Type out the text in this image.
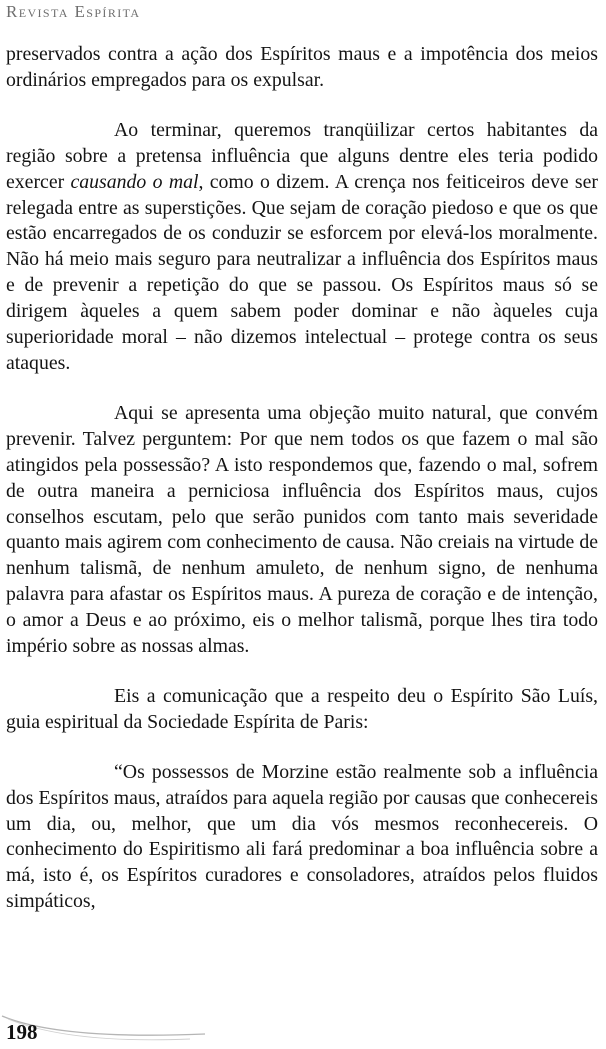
Revista Espírita

preservados contra a ação dos Espíritos maus e a impotência dos meios ordinários empregados para os expulsar.

Ao terminar, queremos tranqüilizar certos habitantes da região sobre a pretensa influência que alguns dentre eles teria podido exercer causando o mal, como o dizem. A crença nos feiticeiros deve ser relegada entre as superstições. Que sejam de coração piedoso e que os que estão encarregados de os conduzir se esforcem por elevá-los moralmente. Não há meio mais seguro para neutralizar a influência dos Espíritos maus e de prevenir a repetição do que se passou. Os Espíritos maus só se dirigem àqueles a quem sabem poder dominar e não àqueles cuja superioridade moral – não dizemos intelectual – protege contra os seus ataques.

Aqui se apresenta uma objeção muito natural, que convém prevenir. Talvez perguntem: Por que nem todos os que fazem o mal são atingidos pela possessão? A isto respondemos que, fazendo o mal, sofrem de outra maneira a perniciosa influência dos Espíritos maus, cujos conselhos escutam, pelo que serão punidos com tanto mais severidade quanto mais agirem com conhecimento de causa. Não creiais na virtude de nenhum talismã, de nenhum amuleto, de nenhum signo, de nenhuma palavra para afastar os Espíritos maus. A pureza de coração e de intenção, o amor a Deus e ao próximo, eis o melhor talismã, porque lhes tira todo império sobre as nossas almas.

Eis a comunicação que a respeito deu o Espírito São Luís, guia espiritual da Sociedade Espírita de Paris:

“Os possessos de Morzine estão realmente sob a influência dos Espíritos maus, atraídos para aquela região por causas que conhecereis um dia, ou, melhor, que um dia vós mesmos reconhecereis. O conhecimento do Espiritismo ali fará predominar a boa influência sobre a má, isto é, os Espíritos curadores e consoladores, atraídos pelos fluidos simpáticos,

198
